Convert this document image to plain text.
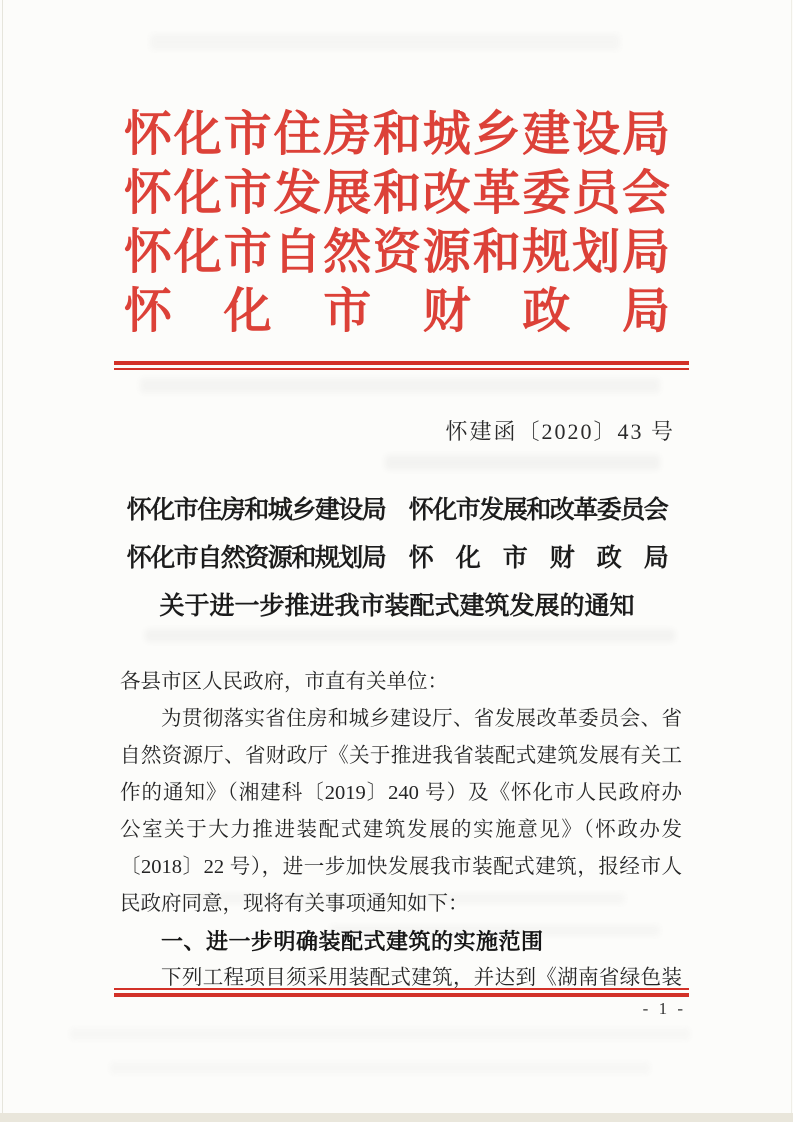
怀 化 市 住 房 和 城 乡 建 设 局
怀 化 市 发 展 和 改 革 委 员 会
怀 化 市 自 然 资 源 和 规 划 局
怀 化 市 财 政 局
怀建函〔2020〕43 号
怀化市住房和城乡建设局　怀化市发展和改革委员会
怀化市自然资源和规划局　怀　化　市　财　政　局
关于进一步推进我市装配式建筑发展的通知
各县市区人民政府，市直有关单位：
为贯彻落实省住房和城乡建设厅、省发展改革委员会、省
自然资源厅、省财政厅《关于推进我省装配式建筑发展有关工
作的通知》（湘建科〔2019〕240 号）及《怀化市人民政府办
公室关于大力推进装配式建筑发展的实施意见》（怀政办发
〔2018〕22 号），进一步加快发展我市装配式建筑，报经市人
民政府同意，现将有关事项通知如下：
一、进一步明确装配式建筑的实施范围
下列工程项目须采用装配式建筑，并达到《湖南省绿色装
- 1 -
